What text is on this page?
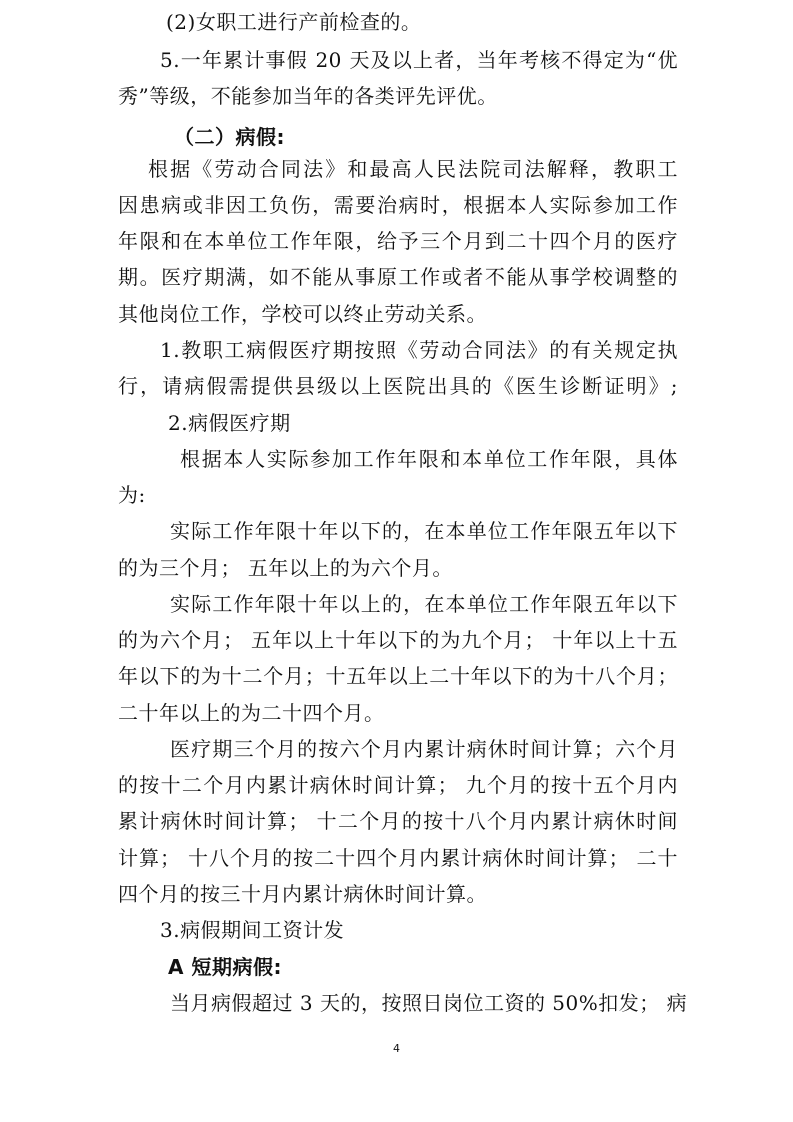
(2)女职工进行产前检查的。
5.一年累计事假 20 天及以上者，当年考核不得定为“优
秀”等级，不能参加当年的各类评先评优。
（二）病假:
根据《劳动合同法》和最高人民法院司法解释，教职工
因患病或非因工负伤，需要治病时，根据本人实际参加工作
年限和在本单位工作年限，给予三个月到二十四个月的医疗
期。医疗期满，如不能从事原工作或者不能从事学校调整的
其他岗位工作，学校可以终止劳动关系。
1.教职工病假医疗期按照《劳动合同法》的有关规定执
行，请病假需提供县级以上医院出具的《医生诊断证明》;
2.病假医疗期
根据本人实际参加工作年限和本单位工作年限，具体
为:
实际工作年限十年以下的，在本单位工作年限五年以下
的为三个月； 五年以上的为六个月。
实际工作年限十年以上的，在本单位工作年限五年以下
的为六个月； 五年以上十年以下的为九个月； 十年以上十五
年以下的为十二个月；十五年以上二十年以下的为十八个月；
二十年以上的为二十四个月。
医疗期三个月的按六个月内累计病休时间计算；六个月
的按十二个月内累计病休时间计算； 九个月的按十五个月内
累计病休时间计算； 十二个月的按十八个月内累计病休时间
计算； 十八个月的按二十四个月内累计病休时间计算； 二十
四个月的按三十月内累计病休时间计算。
3.病假期间工资计发
A 短期病假:
当月病假超过 3 天的，按照日岗位工资的 50%扣发； 病
4
